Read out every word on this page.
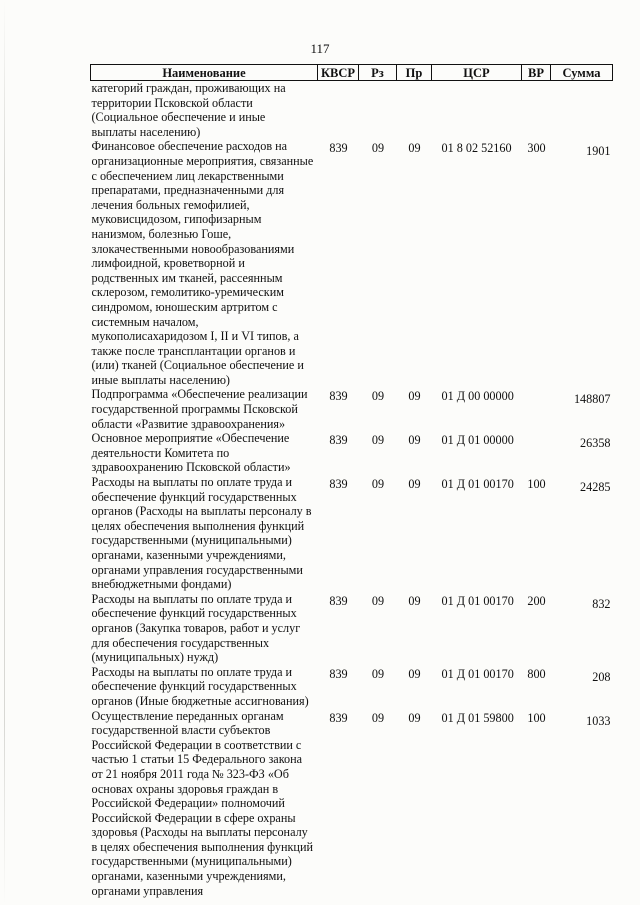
117
Наименование	КВСР	Рз	Пр	ЦСР	ВР	Сумма
категорий граждан, проживающих на территории Псковской области (Социальное обеспечение и иные выплаты населению)						
Финансовое обеспечение расходов на организационные мероприятия, связанные с обеспечением лиц лекарственными препаратами, предназначенными для лечения больных гемофилией, муковисцидозом, гипофизарным нанизмом, болезнью Гоше, злокачественными новообразованиями лимфоидной, кроветворной и родственных им тканей, рассеянным склерозом, гемолитико-уремическим синдромом, юношеским артритом с системным началом, мукополисахаридозом I, II и VI типов, а также после трансплантации органов и (или) тканей (Социальное обеспечение и иные выплаты населению)	839	09	09	01 8 02 52160	300	1901
Подпрограмма «Обеспечение реализации государственной программы Псковской области «Развитие здравоохранения»	839	09	09	01 Д 00 00000		148807
Основное мероприятие «Обеспечение деятельности Комитета по здравоохранению Псковской области»	839	09	09	01 Д 01 00000		26358
Расходы на выплаты по оплате труда и обеспечение функций государственных органов (Расходы на выплаты персоналу в целях обеспечения выполнения функций государственными (муниципальными) органами, казенными учреждениями, органами управления государственными внебюджетными фондами)	839	09	09	01 Д 01 00170	100	24285
Расходы на выплаты по оплате труда и обеспечение функций государственных органов (Закупка товаров, работ и услуг для обеспечения государственных (муниципальных) нужд)	839	09	09	01 Д 01 00170	200	832
Расходы на выплаты по оплате труда и обеспечение функций государственных органов (Иные бюджетные ассигнования)	839	09	09	01 Д 01 00170	800	208
Осуществление переданных органам государственной власти субъектов Российской Федерации в соответствии с частью 1 статьи 15 Федерального закона от 21 ноября 2011 года № 323-ФЗ «Об основах охраны здоровья граждан в Российской Федерации» полномочий Российской Федерации в сфере охраны здоровья (Расходы на выплаты персоналу в целях обеспечения выполнения функций государственными (муниципальными) органами, казенными учреждениями, органами управления	839	09	09	01 Д 01 59800	100	1033
